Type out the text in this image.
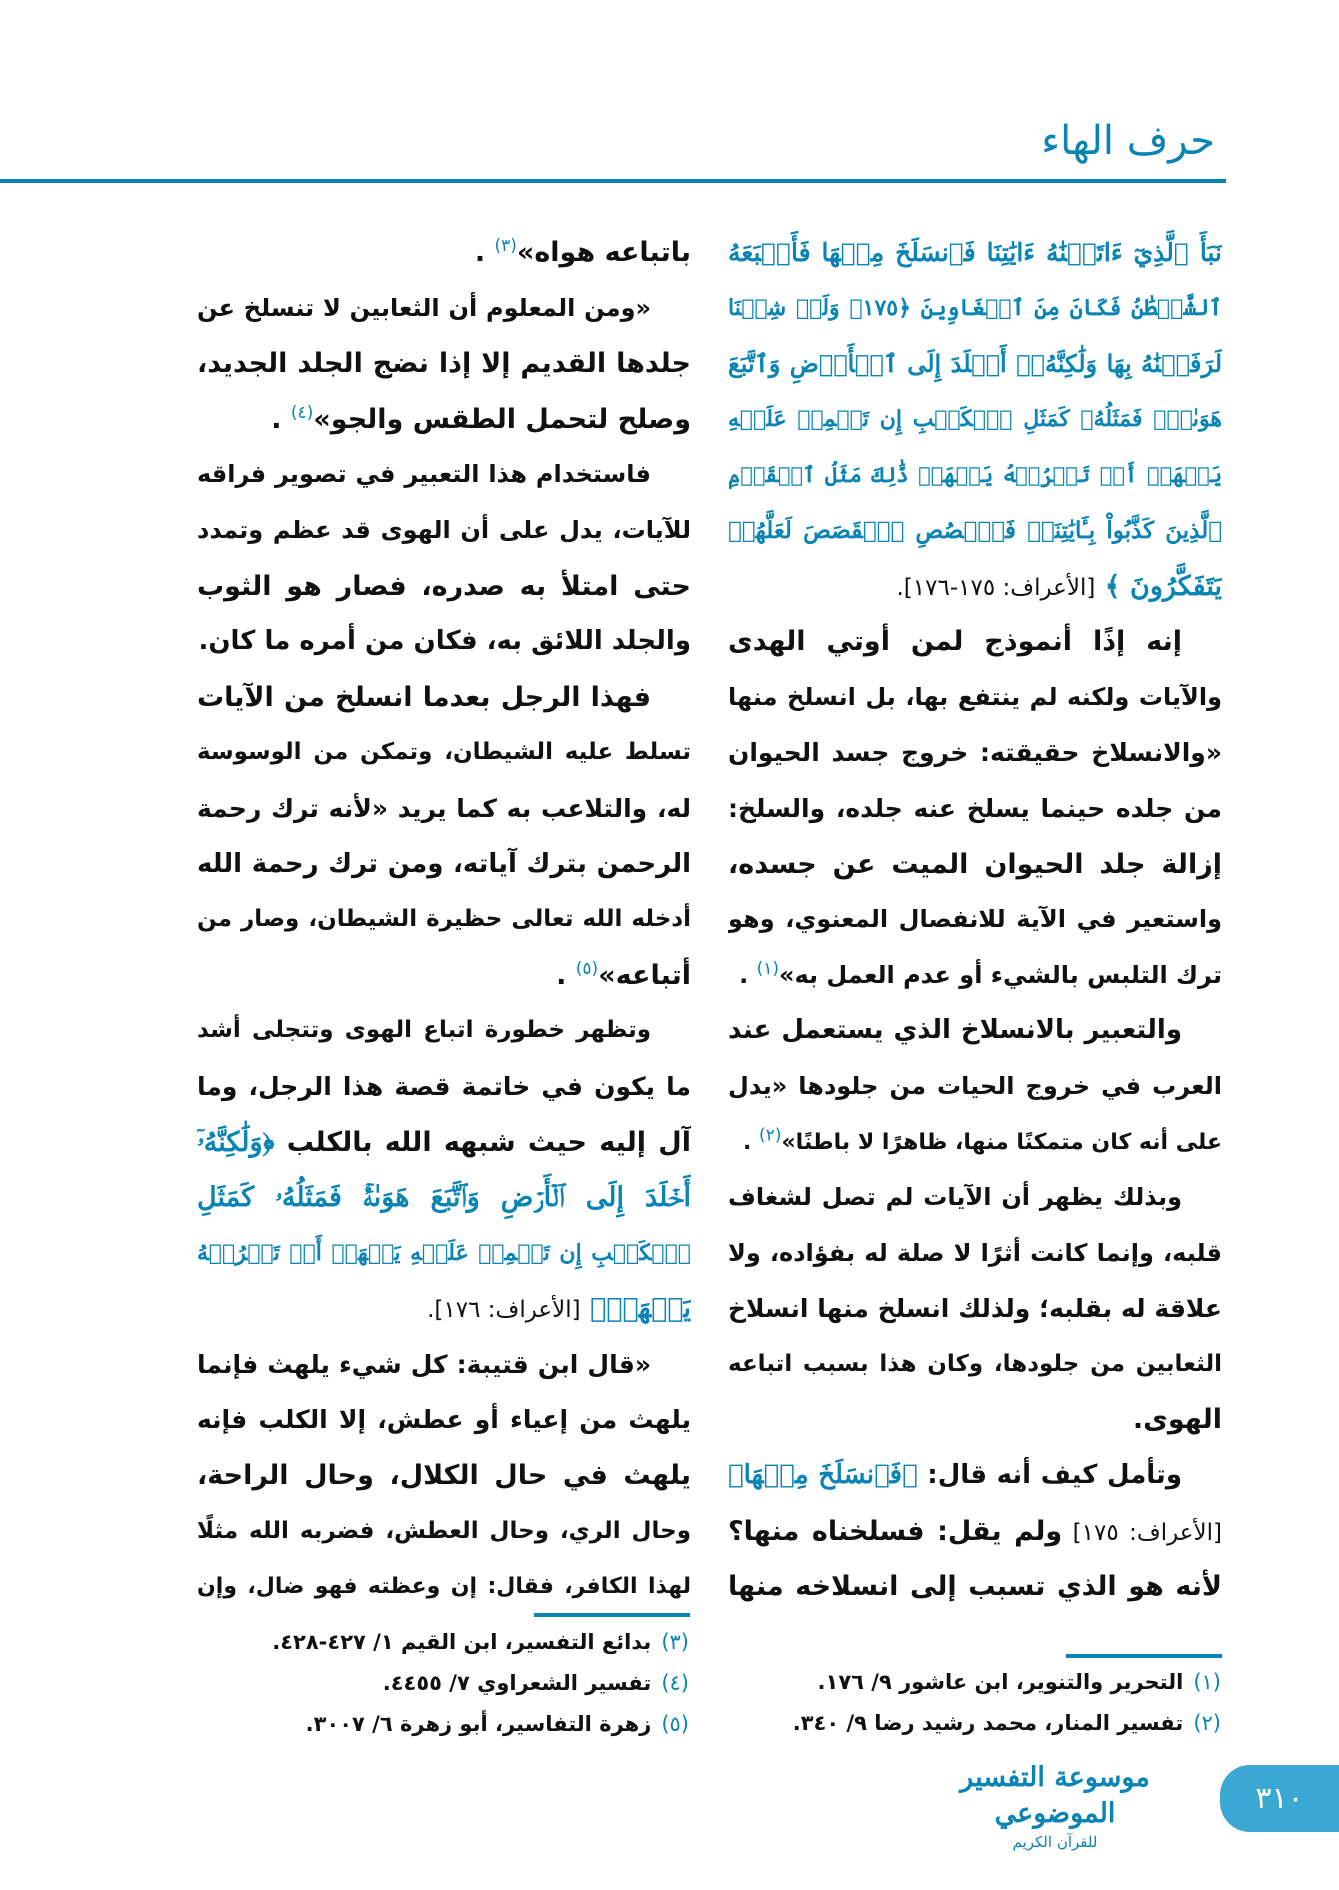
حرف الهاء
نَبَأَ ٱلَّذِيٓ ءَاتَيۡنَٰهُ ءَايَٰتِنَا فَٱنسَلَخَ مِنۡهَا فَأَتۡبَعَهُ
ٱلشَّيۡطَٰنُ فَكَانَ مِنَ ٱلۡغَاوِينَ ﴿١٧٥﴾ وَلَوۡ شِئۡنَا
لَرَفَعۡنَٰهُ بِهَا وَلَٰكِنَّهُۥٓ أَخۡلَدَ إِلَى ٱلۡأَرۡضِ وَٱتَّبَعَ
هَوَىٰهُۚ فَمَثَلُهُۥ كَمَثَلِ ٱلۡكَلۡبِ إِن تَحۡمِلۡ عَلَيۡهِ
يَلۡهَثۡ أَوۡ تَتۡرُكۡهُ يَلۡهَثۚ ذَّٰلِكَ مَثَلُ ٱلۡقَوۡمِ
ٱلَّذِينَ كَذَّبُواْ بِـَٔايَٰتِنَاۚ فَٱقۡصُصِ ٱلۡقَصَصَ لَعَلَّهُمۡ
يَتَفَكَّرُونَ ﴾ [الأعراف: ١٧٥-١٧٦].
إنه إذًا أنموذج لمن أوتي الهدى
والآيات ولكنه لم ينتفع بها، بل انسلخ منها
«والانسلاخ حقيقته: خروج جسد الحيوان
من جلده حينما يسلخ عنه جلده، والسلخ:
إزالة جلد الحيوان الميت عن جسده،
واستعير في الآية للانفصال المعنوي، وهو
ترك التلبس بالشيء أو عدم العمل به»$^{(١)}$ .
والتعبير بالانسلاخ الذي يستعمل عند
العرب في خروج الحيات من جلودها «يدل
على أنه كان متمكنًا منها، ظاهرًا لا باطنًا»$^{(٢)}$ .
وبذلك يظهر أن الآيات لم تصل لشغاف
قلبه، وإنما كانت أثرًا لا صلة له بفؤاده، ولا
علاقة له بقلبه؛ ولذلك انسلخ منها انسلاخ
الثعابين من جلودها، وكان هذا بسبب اتباعه
الهوى.
وتأمل كيف أنه قال: ﴿فَٱنسَلَخَ مِنۡهَا﴾
[الأعراف: ١٧٥] ولم يقل: فسلخناه منها؟
لأنه هو الذي تسبب إلى انسلاخه منها
باتباعه هواه»$^{(٣)}$ .
«ومن المعلوم أن الثعابين لا تنسلخ عن
جلدها القديم إلا إذا نضج الجلد الجديد،
وصلح لتحمل الطقس والجو»$^{(٤)}$ .
فاستخدام هذا التعبير في تصوير فراقه
للآيات، يدل على أن الهوى قد عظم وتمدد
حتى امتلأ به صدره، فصار هو الثوب
والجلد اللائق به، فكان من أمره ما كان.
فهذا الرجل بعدما انسلخ من الآيات
تسلط عليه الشيطان، وتمكن من الوسوسة
له، والتلاعب به كما يريد «لأنه ترك رحمة
الرحمن بترك آياته، ومن ترك رحمة الله
أدخله الله تعالى حظيرة الشيطان، وصار من
أتباعه»$^{(٥)}$ .
وتظهر خطورة اتباع الهوى وتتجلى أشد
ما يكون في خاتمة قصة هذا الرجل، وما
آل إليه حيث شبهه الله بالكلب ﴿وَلَٰكِنَّهُۥٓ
أَخۡلَدَ إِلَى ٱلۡأَرۡضِ وَٱتَّبَعَ هَوَىٰهُۚ فَمَثَلُهُۥ كَمَثَلِ
ٱلۡكَلۡبِ إِن تَحۡمِلۡ عَلَيۡهِ يَلۡهَثۡ أَوۡ تَتۡرُكۡهُ
يَلۡهَثۚ﴾ [الأعراف: ١٧٦].
«قال ابن قتيبة: كل شيء يلهث فإنما
يلهث من إعياء أو عطش، إلا الكلب فإنه
يلهث في حال الكلال، وحال الراحة،
وحال الري، وحال العطش، فضربه الله مثلًا
لهذا الكافر، فقال: إن وعظته فهو ضال، وإن
(١)التحرير والتنوير، ابن عاشور ٩/ ١٧٦.
(٢)تفسير المنار، محمد رشيد رضا ٩/ ٣٤٠.
(٣)بدائع التفسير، ابن القيم ١/ ٤٢٧-٤٢٨.
(٤)تفسير الشعراوي ٧/ ٤٤٥٥.
(٥)زهرة التفاسير، أبو زهرة ٦/ ٣٠٠٧.
موسوعة التفسير الموضوعي
للقرآن الكريم
٣١٠
